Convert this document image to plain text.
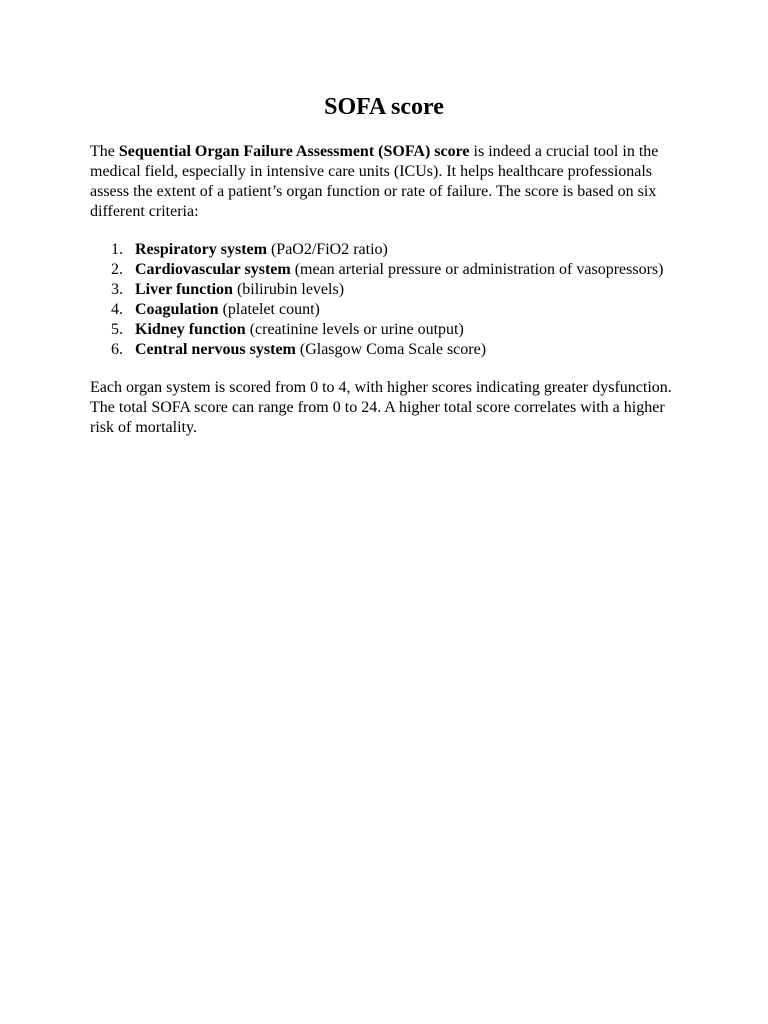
SOFA score

The Sequential Organ Failure Assessment (SOFA) score is indeed a crucial tool in the medical field, especially in intensive care units (ICUs). It helps healthcare professionals assess the extent of a patient’s organ function or rate of failure. The score is based on six different criteria:

1. Respiratory system (PaO2/FiO2 ratio)
2. Cardiovascular system (mean arterial pressure or administration of vasopressors)
3. Liver function (bilirubin levels)
4. Coagulation (platelet count)
5. Kidney function (creatinine levels or urine output)
6. Central nervous system (Glasgow Coma Scale score)

Each organ system is scored from 0 to 4, with higher scores indicating greater dysfunction. The total SOFA score can range from 0 to 24. A higher total score correlates with a higher risk of mortality.
